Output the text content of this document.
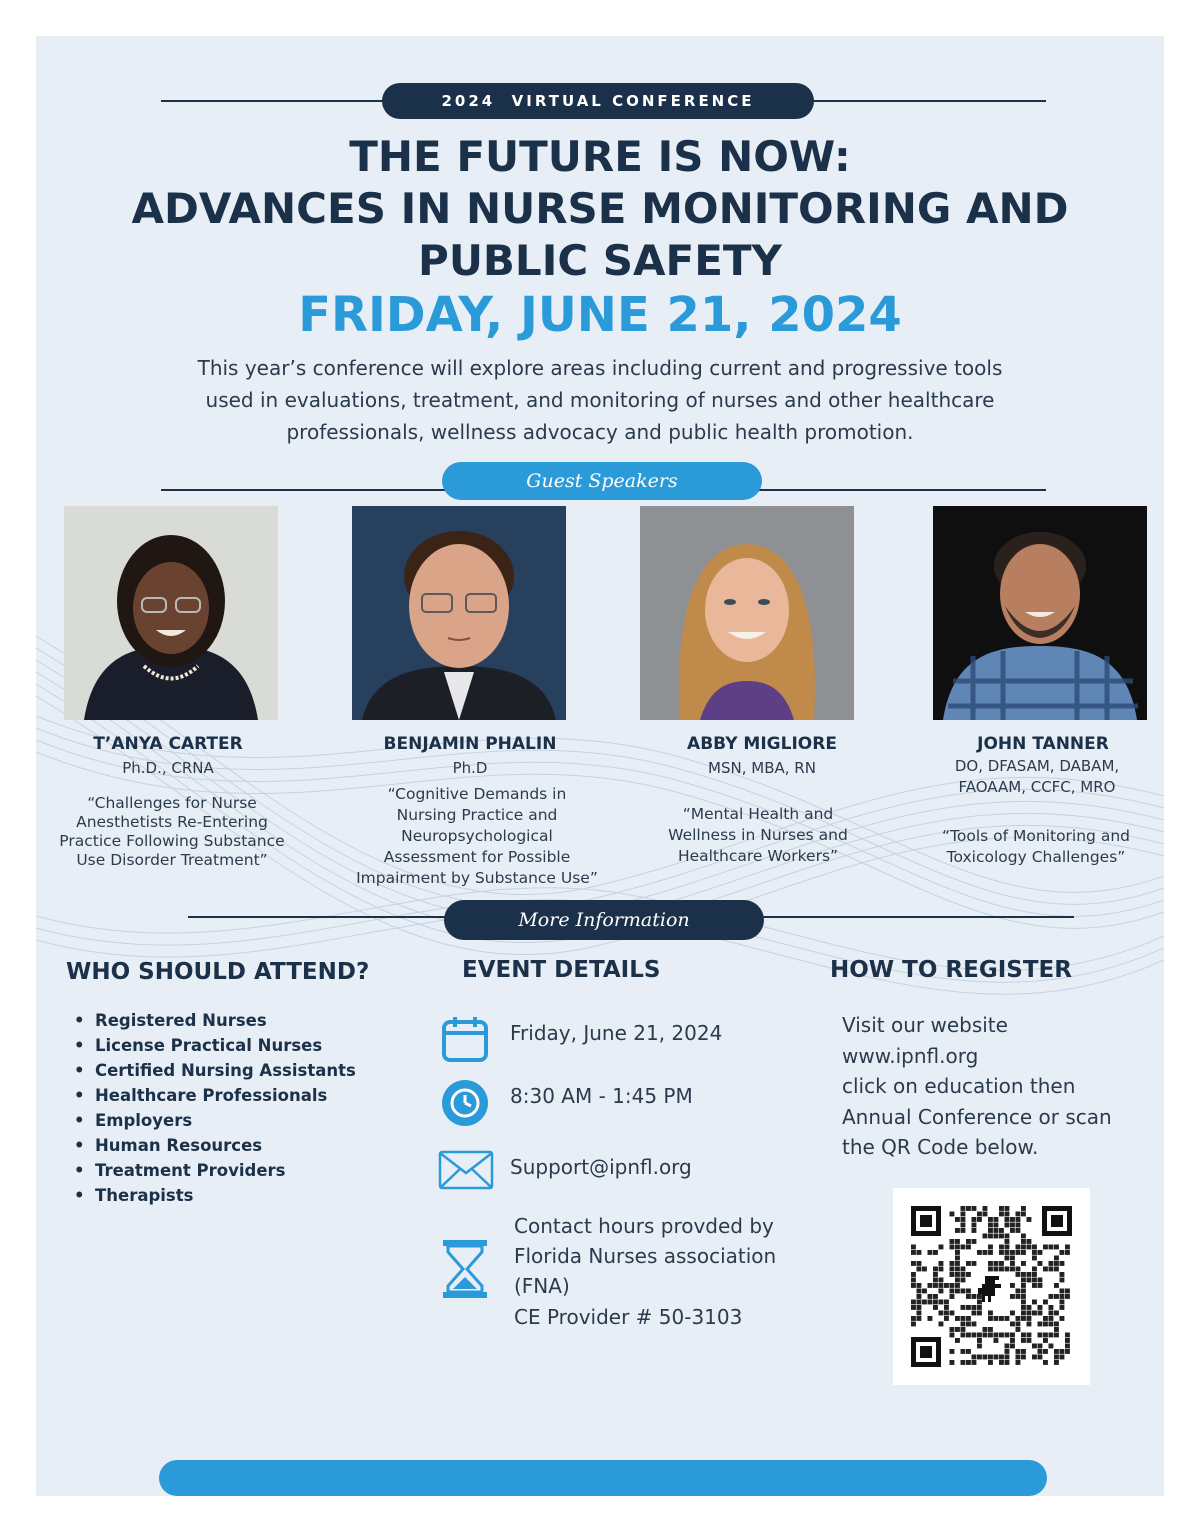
2024  VIRTUAL CONFERENCE
THE FUTURE IS NOW:
ADVANCES IN NURSE MONITORING AND
PUBLIC SAFETY
FRIDAY, JUNE 21, 2024
This year’s conference will explore areas including current and progressive tools
used in evaluations, treatment, and monitoring of nurses and other healthcare
professionals, wellness advocacy and public health promotion.
Guest Speakers
T’ANYA CARTER
Ph.D., CRNA
“Challenges for Nurse
Anesthetists Re-Entering
Practice Following Substance
Use Disorder Treatment”
BENJAMIN PHALIN
Ph.D
“Cognitive Demands in
Nursing Practice and
Neuropsychological
Assessment for Possible
Impairment by Substance Use”
ABBY MIGLIORE
MSN, MBA, RN
“Mental Health and
Wellness in Nurses and
Healthcare Workers”
JOHN TANNER
DO, DFASAM, DABAM,
FAOAAM, CCFC, MRO
“Tools of Monitoring and
Toxicology Challenges”
More Information
WHO SHOULD ATTEND?
• Registered Nurses
• License Practical Nurses
• Certified Nursing Assistants
• Healthcare Professionals
• Employers
• Human Resources
• Treatment Providers
• Therapists
EVENT DETAILS
Friday, June 21, 2024
8:30 AM - 1:45 PM
Support@ipnfl.org
Contact hours provded by
Florida Nurses association
(FNA)
CE Provider # 50-3103
HOW TO REGISTER
Visit our website
www.ipnfl.org
click on education then
Annual Conference or scan
the QR Code below.
